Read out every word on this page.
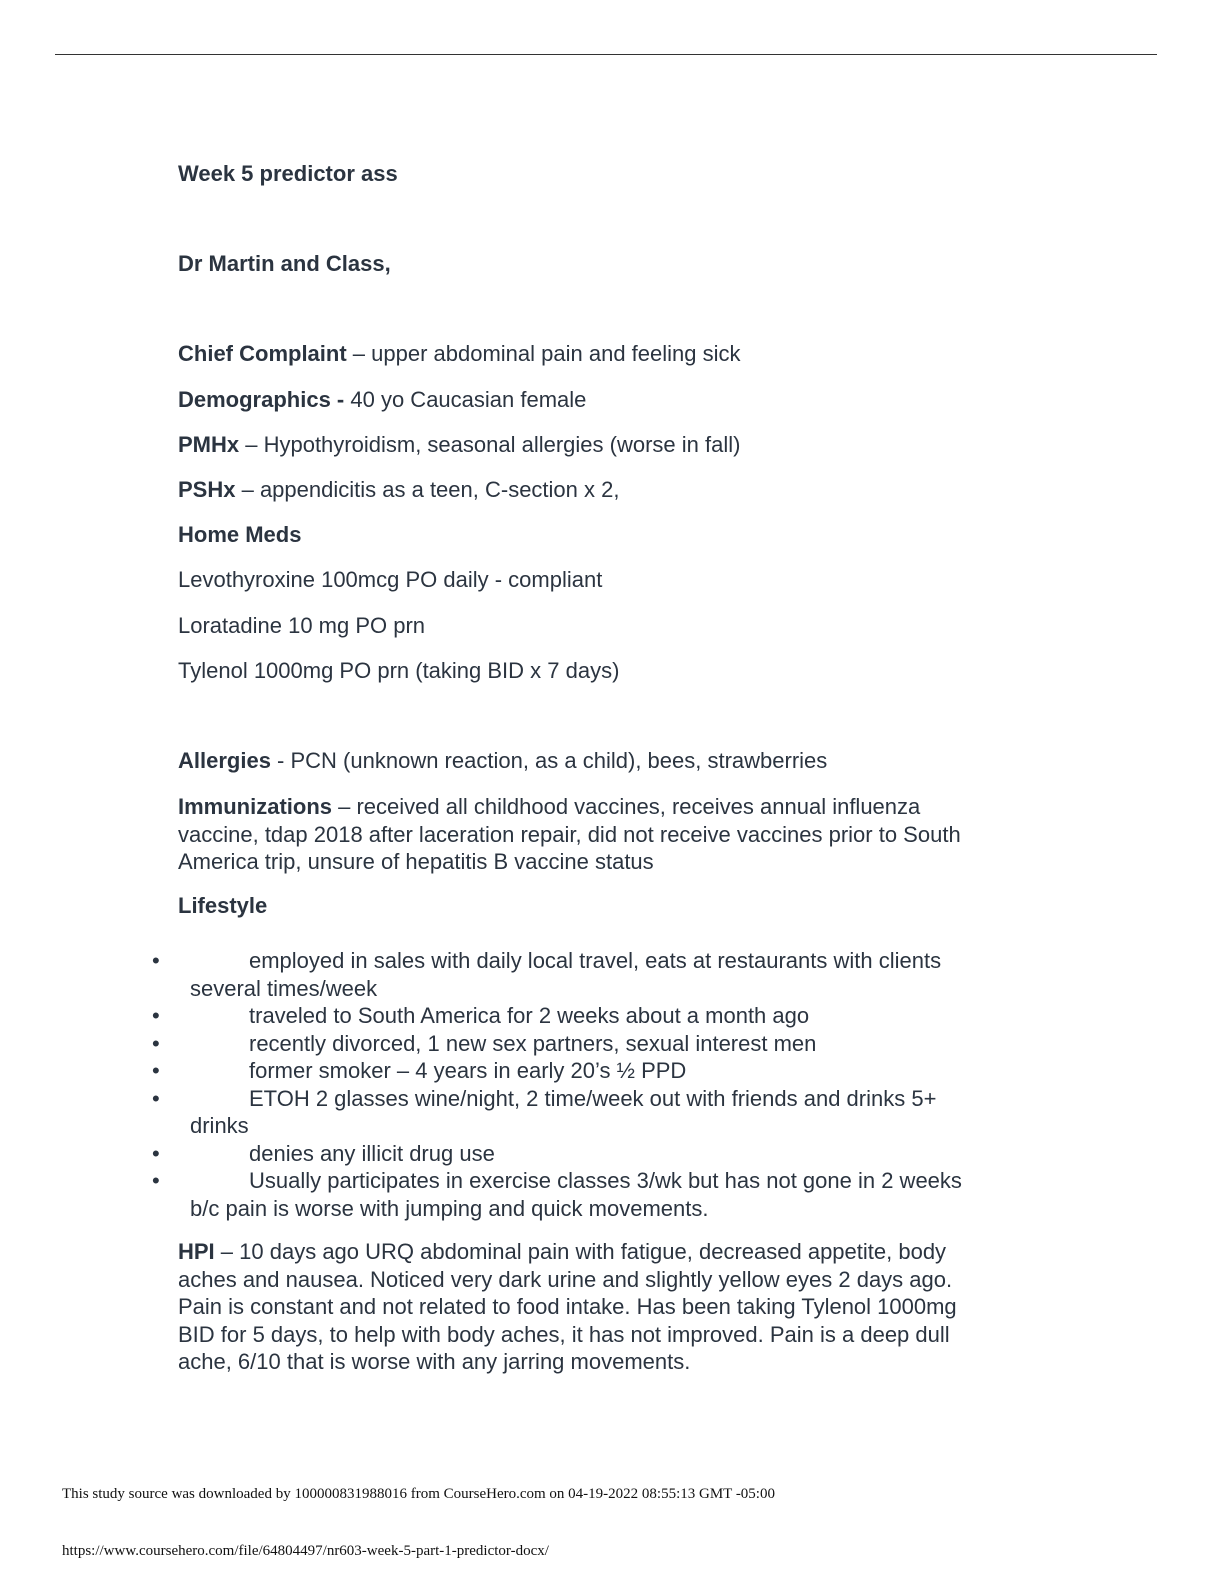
Week 5 predictor ass
Dr Martin and Class,
Chief Complaint – upper abdominal pain and feeling sick
Demographics - 40 yo Caucasian female
PMHx – Hypothyroidism, seasonal allergies (worse in fall)
PSHx – appendicitis as a teen, C-section x 2,
Home Meds
Levothyroxine 100mcg PO daily - compliant
Loratadine 10 mg PO prn
Tylenol 1000mg PO prn (taking BID x 7 days)
Allergies - PCN (unknown reaction, as a child), bees, strawberries
Immunizations – received all childhood vaccines, receives annual influenza
vaccine, tdap 2018 after laceration repair, did not receive vaccines prior to South
America trip, unsure of hepatitis B vaccine status
Lifestyle
•	employed in sales with daily local travel, eats at restaurants with clients
several times/week
•	traveled to South America for 2 weeks about a month ago
•	recently divorced, 1 new sex partners, sexual interest men
•	former smoker – 4 years in early 20’s ½ PPD
•	ETOH 2 glasses wine/night, 2 time/week out with friends and drinks 5+
drinks
•	denies any illicit drug use
•	Usually participates in exercise classes 3/wk but has not gone in 2 weeks
b/c pain is worse with jumping and quick movements.
HPI – 10 days ago URQ abdominal pain with fatigue, decreased appetite, body
aches and nausea. Noticed very dark urine and slightly yellow eyes 2 days ago.
Pain is constant and not related to food intake. Has been taking Tylenol 1000mg
BID for 5 days, to help with body aches, it has not improved. Pain is a deep dull
ache, 6/10 that is worse with any jarring movements.
This study source was downloaded by 100000831988016 from CourseHero.com on 04-19-2022 08:55:13 GMT -05:00
https://www.coursehero.com/file/64804497/nr603-week-5-part-1-predictor-docx/
